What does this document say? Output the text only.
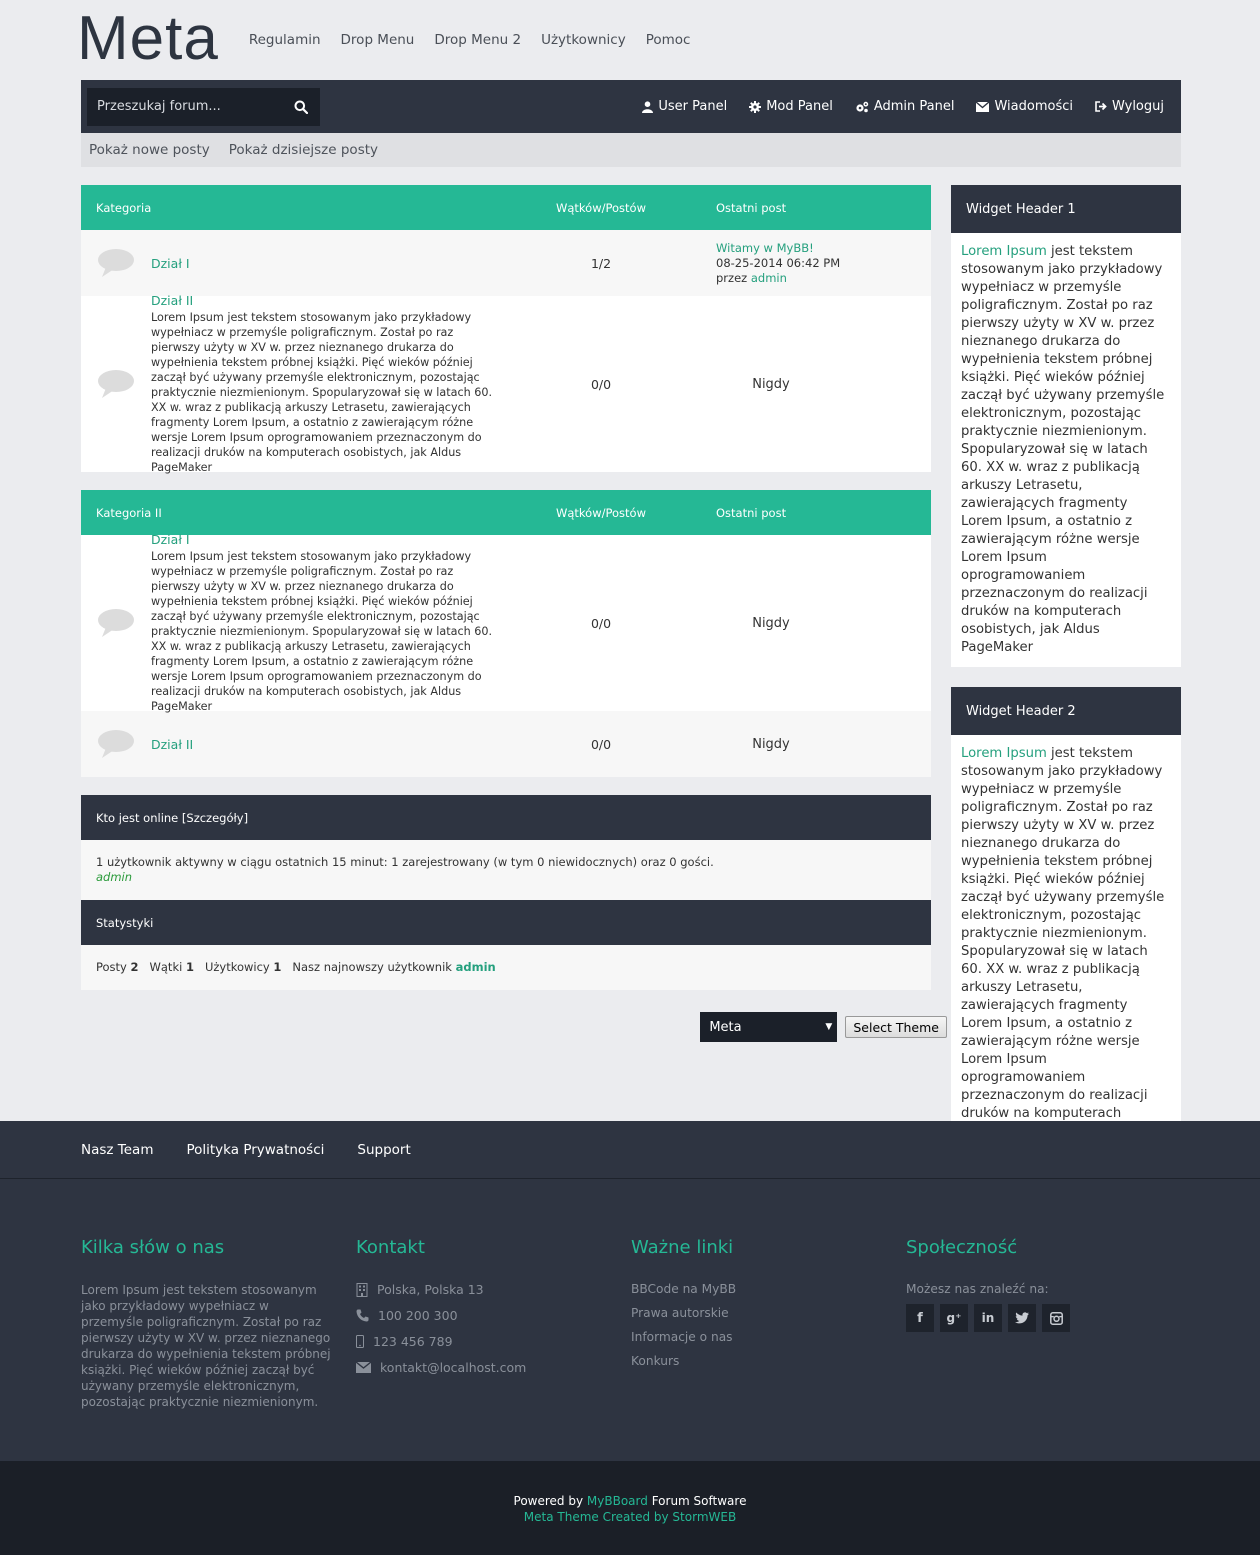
Meta Regulamin Drop Menu Drop Menu 2 Użytkownicy Pomoc
Przeszukaj forum...
User Panel	Mod Panel	Admin Panel	Wiadomości	Wyloguj
Pokaż nowe posty Pokaż dzisiejsze posty
Kategoria	Wątków/Postów	Ostatni post
Dział I	1/2
Witamy w MyBB!
08-25-2014 06:42 PM
przez admin
Dział II
Lorem Ipsum jest tekstem stosowanym jako przykładowy wypełniacz w przemyśle poligraficznym. Został po raz pierwszy użyty w XV w. przez nieznanego drukarza do wypełnienia tekstem próbnej książki. Pięć wieków później zaczął być używany przemyśle elektronicznym, pozostając praktycznie niezmienionym. Spopularyzował się w latach 60. XX w. wraz z publikacją arkuszy Letrasetu, zawierających fragmenty Lorem Ipsum, a ostatnio z zawierającym różne wersje Lorem Ipsum oprogramowaniem przeznaczonym do realizacji druków na komputerach osobistych, jak Aldus PageMaker
0/0	Nigdy
Kategoria II	Wątków/Postów	Ostatni post
Dział I
Lorem Ipsum jest tekstem stosowanym jako przykładowy wypełniacz w przemyśle poligraficznym. Został po raz pierwszy użyty w XV w. przez nieznanego drukarza do wypełnienia tekstem próbnej książki. Pięć wieków później zaczął być używany przemyśle elektronicznym, pozostając praktycznie niezmienionym. Spopularyzował się w latach 60. XX w. wraz z publikacją arkuszy Letrasetu, zawierających fragmenty Lorem Ipsum, a ostatnio z zawierającym różne wersje Lorem Ipsum oprogramowaniem przeznaczonym do realizacji druków na komputerach osobistych, jak Aldus PageMaker
0/0	Nigdy
Dział II	0/0	Nigdy
Kto jest online [Szczegóły]
1 użytkownik aktywny w ciągu ostatnich 15 minut: 1 zarejestrowany (w tym 0 niewidocznych) oraz 0 gości.
admin
Statystyki
Posty 2 Wątki 1 Użytkowicy 1 Nasz najnowszy użytkownik admin
Meta	▼	Select Theme
Widget Header 1
Lorem Ipsum jest tekstem stosowanym jako przykładowy wypełniacz w przemyśle poligraficznym. Został po raz pierwszy użyty w XV w. przez nieznanego drukarza do wypełnienia tekstem próbnej książki. Pięć wieków później zaczął być używany przemyśle elektronicznym, pozostając praktycznie niezmienionym. Spopularyzował się w latach 60. XX w. wraz z publikacją arkuszy Letrasetu, zawierających fragmenty Lorem Ipsum, a ostatnio z zawierającym różne wersje Lorem Ipsum oprogramowaniem przeznaczonym do realizacji druków na komputerach osobistych, jak Aldus PageMaker
Widget Header 2
Lorem Ipsum jest tekstem stosowanym jako przykładowy wypełniacz w przemyśle poligraficznym. Został po raz pierwszy użyty w XV w. przez nieznanego drukarza do wypełnienia tekstem próbnej książki. Pięć wieków później zaczął być używany przemyśle elektronicznym, pozostając praktycznie niezmienionym. Spopularyzował się w latach 60. XX w. wraz z publikacją arkuszy Letrasetu, zawierających fragmenty Lorem Ipsum, a ostatnio z zawierającym różne wersje Lorem Ipsum oprogramowaniem przeznaczonym do realizacji druków na komputerach
Nasz Team Polityka Prywatności Support
Kilka słów o nas
Lorem Ipsum jest tekstem stosowanym jako przykładowy wypełniacz w przemyśle poligraficznym. Został po raz pierwszy użyty w XV w. przez nieznanego drukarza do wypełnienia tekstem próbnej książki. Pięć wieków później zaczął być używany przemyśle elektronicznym, pozostając praktycznie niezmienionym.
Kontakt
Polska, Polska 13
100 200 300
123 456 789
kontakt@localhost.com
Ważne linki
BBCode na MyBB
Prawa autorskie
Informacje o nas
Konkurs
Społeczność
Możesz nas znaleźć na:
f	g⁺	in
Powered by MyBBoard Forum Software
Meta Theme Created by StormWEB
